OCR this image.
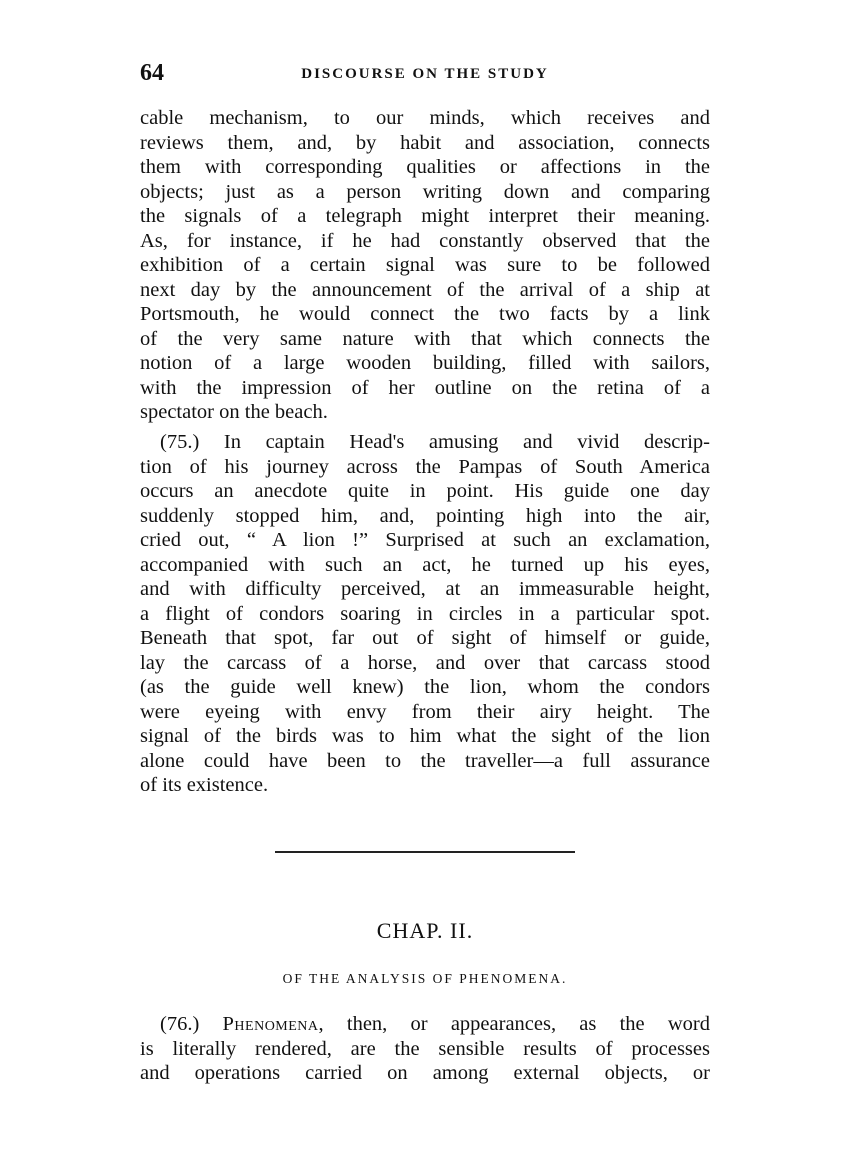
64	DISCOURSE ON THE STUDY
cable mechanism, to our minds, which receives and
reviews them, and, by habit and association, connects
them with corresponding qualities or affections in the
objects; just as a person writing down and comparing
the signals of a telegraph might interpret their meaning.
As, for instance, if he had constantly observed that the
exhibition of a certain signal was sure to be followed
next day by the announcement of the arrival of a ship at
Portsmouth, he would connect the two facts by a link
of the very same nature with that which connects the
notion of a large wooden building, filled with sailors,
with the impression of her outline on the retina of a
spectator on the beach.
(75.) In captain Head's amusing and vivid descrip-
tion of his journey across the Pampas of South America
occurs an anecdote quite in point. His guide one day
suddenly stopped him, and, pointing high into the air,
cried out, “ A lion !” Surprised at such an exclamation,
accompanied with such an act, he turned up his eyes,
and with difficulty perceived, at an immeasurable height,
a flight of condors soaring in circles in a particular spot.
Beneath that spot, far out of sight of himself or guide,
lay the carcass of a horse, and over that carcass stood
(as the guide well knew) the lion, whom the condors
were eyeing with envy from their airy height. The
signal of the birds was to him what the sight of the lion
alone could have been to the traveller—a full assurance
of its existence.
CHAP. II.
OF THE ANALYSIS OF PHENOMENA.
(76.) Phenomena, then, or appearances, as the word
is literally rendered, are the sensible results of processes
and operations carried on among external objects, or
